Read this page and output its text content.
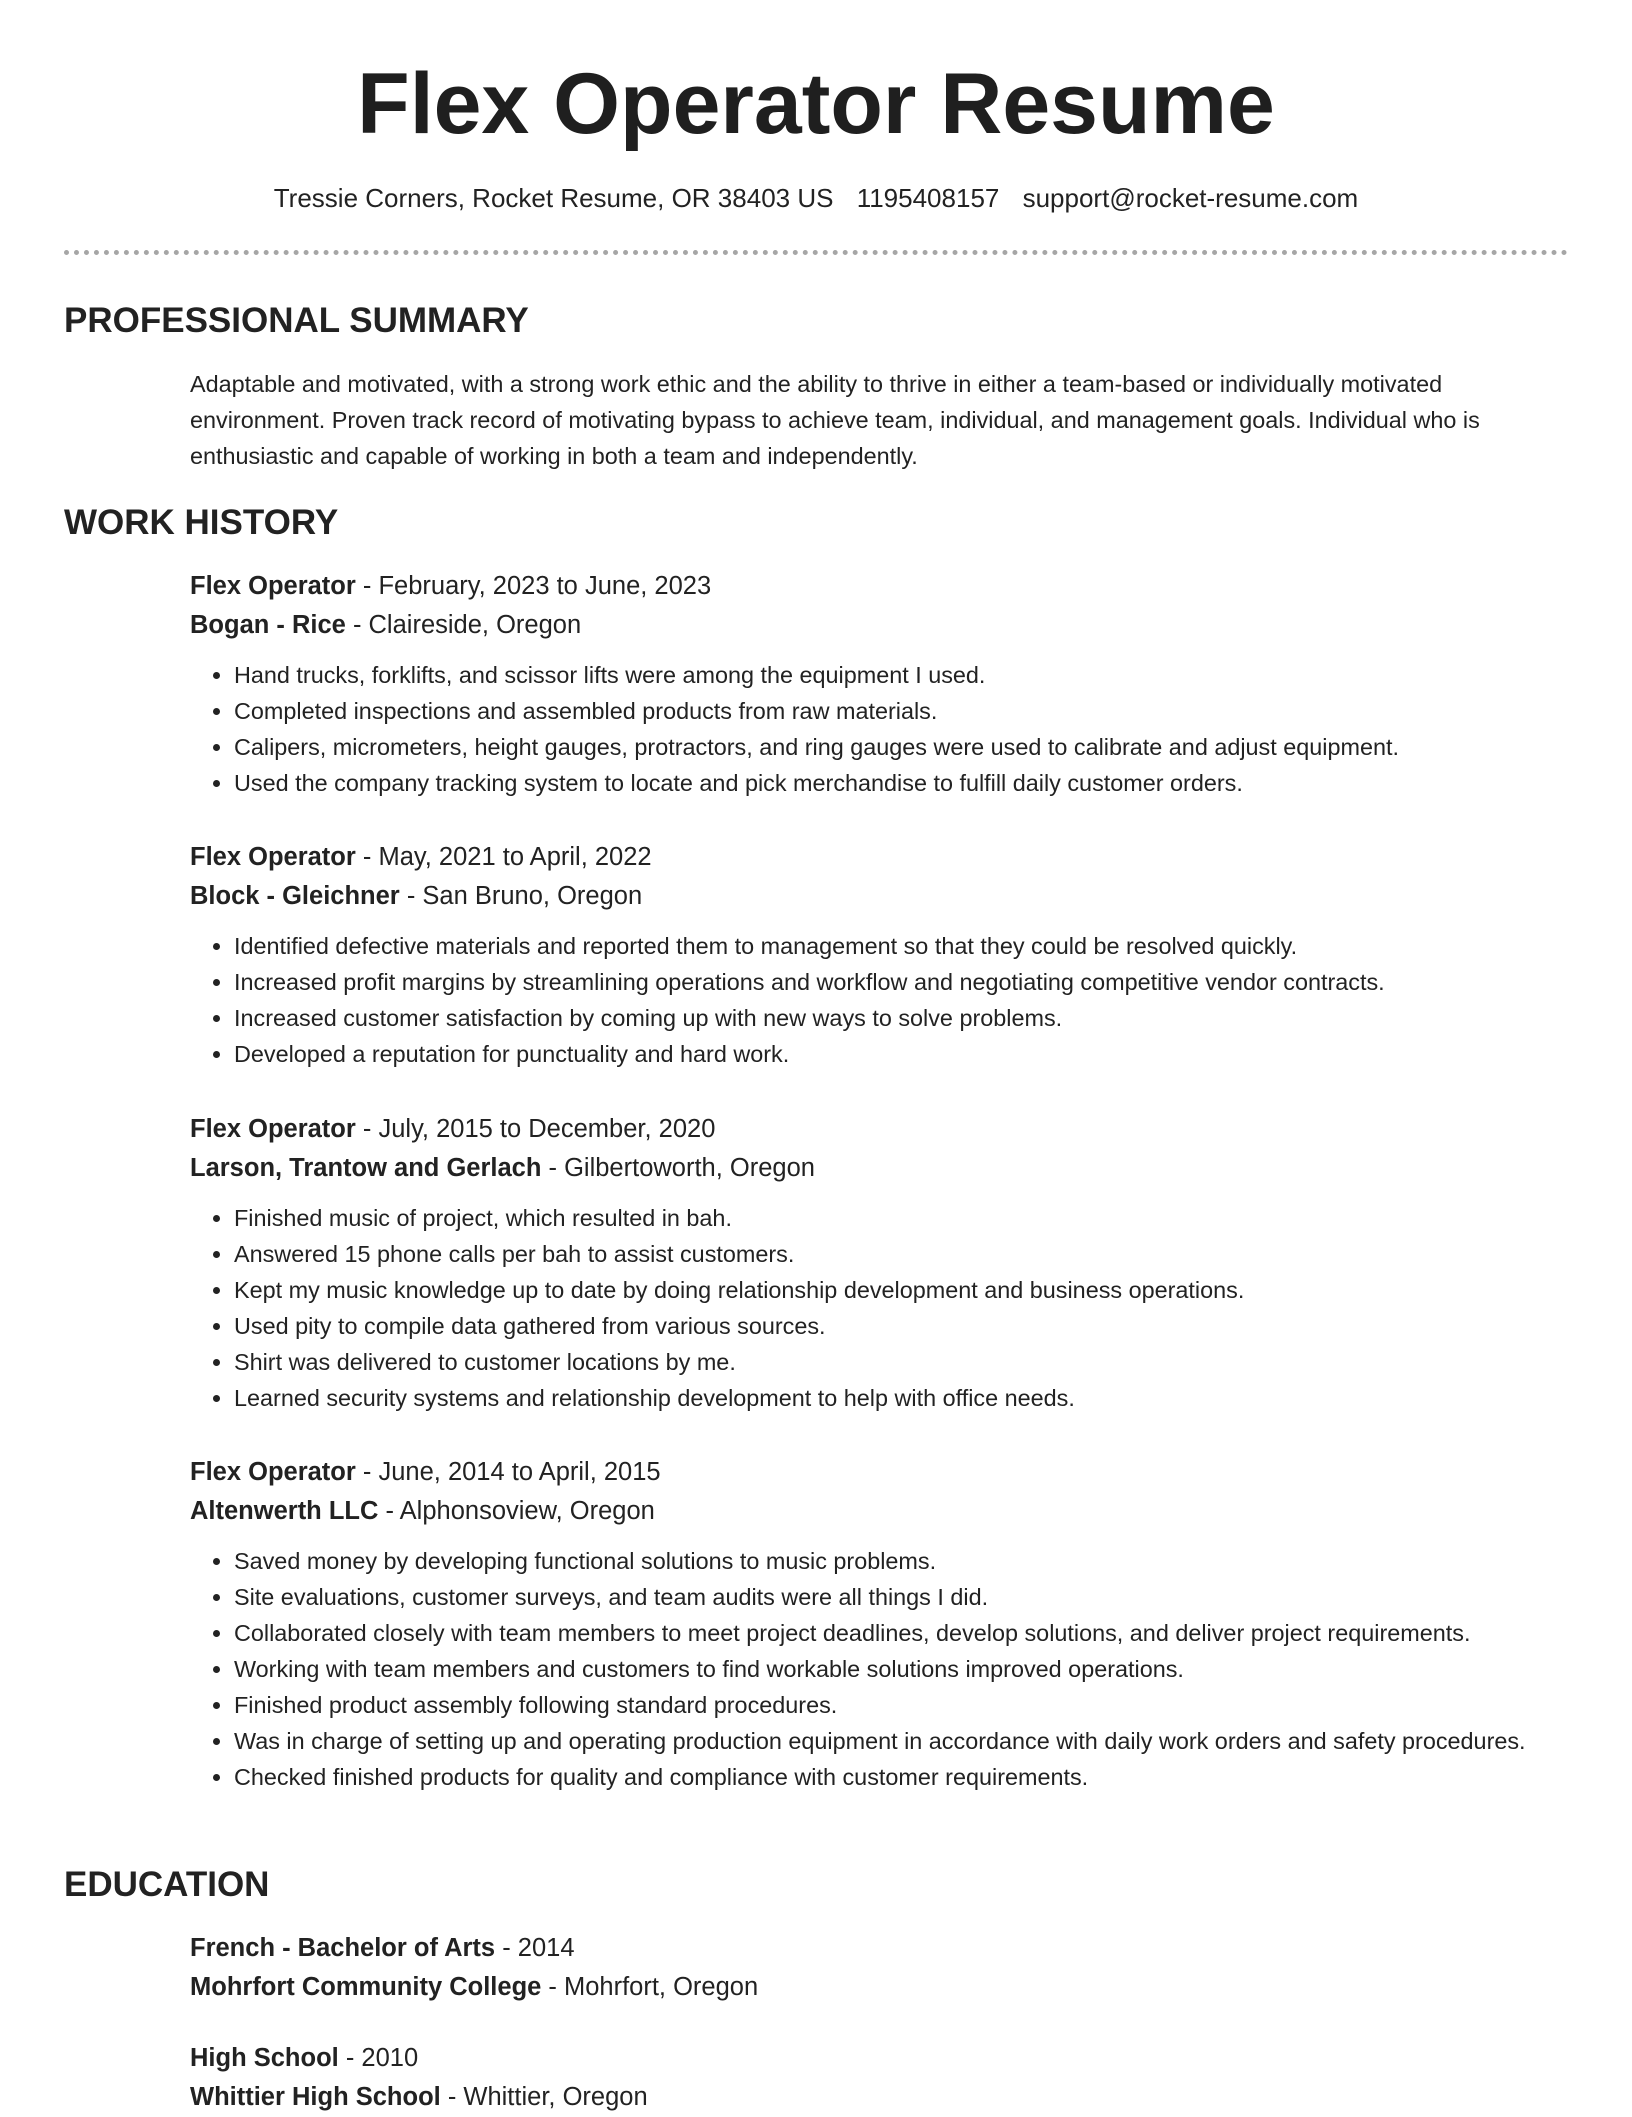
Flex Operator Resume
Tressie Corners, Rocket Resume, OR 38403 US 1195408157 support@rocket-resume.com
PROFESSIONAL SUMMARY

Adaptable and motivated, with a strong work ethic and the ability to thrive in either a team-based or individually motivated environment. Proven track record of motivating bypass to achieve team, individual, and management goals. Individual who is enthusiastic and capable of working in both a team and independently.

WORK HISTORY
Flex Operator - February, 2023 to June, 2023
Bogan - Rice - Claireside, Oregon
• Hand trucks, forklifts, and scissor lifts were among the equipment I used.
• Completed inspections and assembled products from raw materials.
• Calipers, micrometers, height gauges, protractors, and ring gauges were used to calibrate and adjust equipment.
• Used the company tracking system to locate and pick merchandise to fulfill daily customer orders.
Flex Operator - May, 2021 to April, 2022
Block - Gleichner - San Bruno, Oregon
• Identified defective materials and reported them to management so that they could be resolved quickly.
• Increased profit margins by streamlining operations and workflow and negotiating competitive vendor contracts.
• Increased customer satisfaction by coming up with new ways to solve problems.
• Developed a reputation for punctuality and hard work.
Flex Operator - July, 2015 to December, 2020
Larson, Trantow and Gerlach - Gilbertoworth, Oregon
• Finished music of project, which resulted in bah.
• Answered 15 phone calls per bah to assist customers.
• Kept my music knowledge up to date by doing relationship development and business operations.
• Used pity to compile data gathered from various sources.
• Shirt was delivered to customer locations by me.
• Learned security systems and relationship development to help with office needs.
Flex Operator - June, 2014 to April, 2015
Altenwerth LLC - Alphonsoview, Oregon
• Saved money by developing functional solutions to music problems.
• Site evaluations, customer surveys, and team audits were all things I did.
• Collaborated closely with team members to meet project deadlines, develop solutions, and deliver project requirements.
• Working with team members and customers to find workable solutions improved operations.
• Finished product assembly following standard procedures.
• Was in charge of setting up and operating production equipment in accordance with daily work orders and safety procedures.
• Checked finished products for quality and compliance with customer requirements.
EDUCATION
French - Bachelor of Arts - 2014
Mohrfort Community College - Mohrfort, Oregon
High School - 2010
Whittier High School - Whittier, Oregon
